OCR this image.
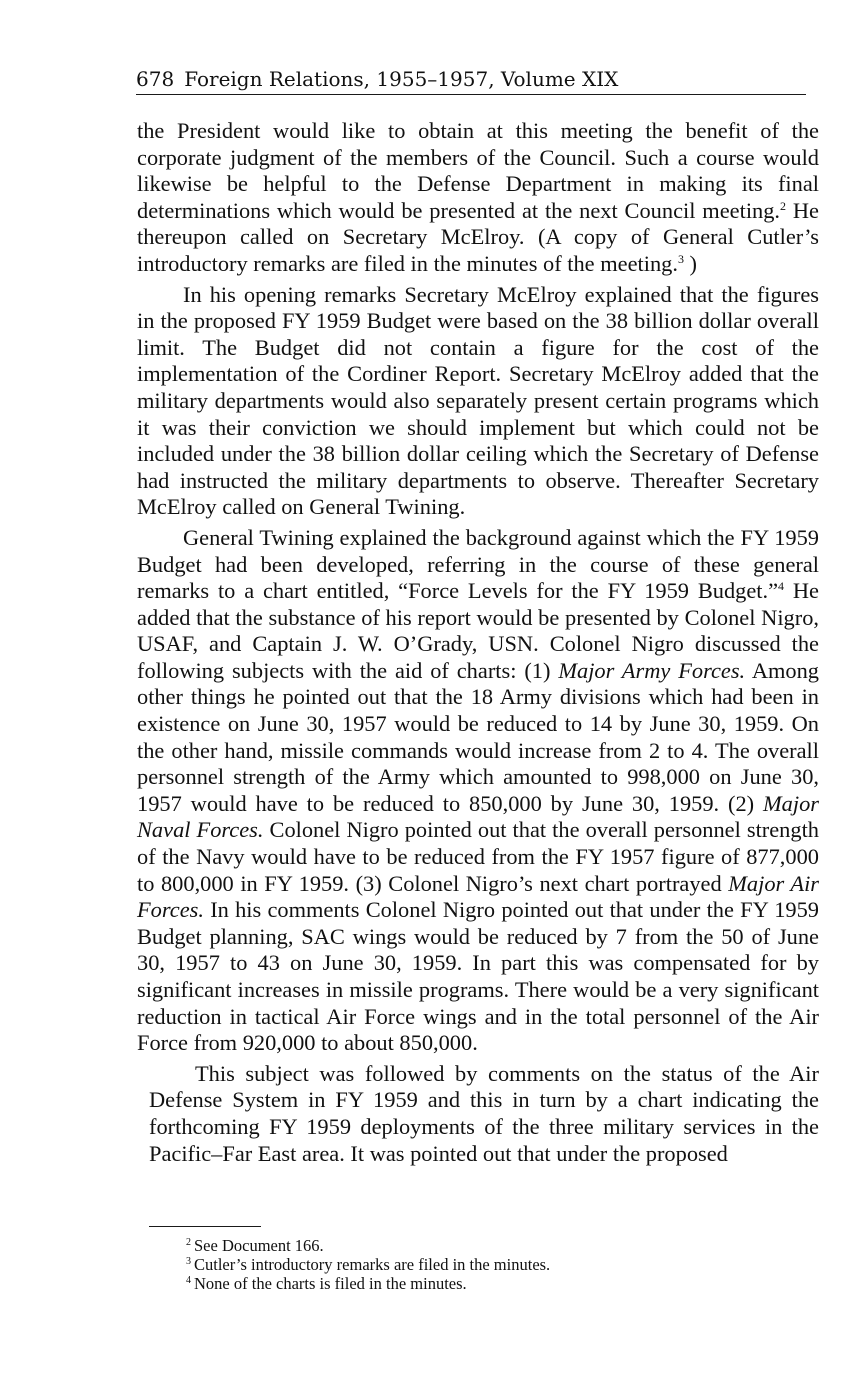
678 Foreign Relations, 1955–1957, Volume XIX

the President would like to obtain at this meeting the benefit of the corporate judgment of the members of the Council. Such a course would likewise be helpful to the Defense Department in making its final determinations which would be presented at the next Council meeting.$^2$ He thereupon called on Secretary McElroy. (A copy of General Cutler’s introductory remarks are filed in the minutes of the meeting.$^3$ )

In his opening remarks Secretary McElroy explained that the figures in the proposed FY 1959 Budget were based on the 38 billion dollar overall limit. The Budget did not contain a figure for the cost of the implementation of the Cordiner Report. Secretary McElroy added that the military departments would also separately present certain programs which it was their conviction we should implement but which could not be included under the 38 billion dollar ceiling which the Secretary of Defense had instructed the military departments to observe. Thereafter Secretary McElroy called on General Twining.

General Twining explained the background against which the FY 1959 Budget had been developed, referring in the course of these general remarks to a chart entitled, “Force Levels for the FY 1959 Budget.”$^4$ He added that the substance of his report would be presented by Colonel Nigro, USAF, and Captain J. W. O’Grady, USN. Colonel Nigro discussed the following subjects with the aid of charts: (1) Major Army Forces. Among other things he pointed out that the 18 Army divisions which had been in existence on June 30, 1957 would be reduced to 14 by June 30, 1959. On the other hand, missile commands would increase from 2 to 4. The overall personnel strength of the Army which amounted to 998,000 on June 30, 1957 would have to be reduced to 850,000 by June 30, 1959. (2) Major Naval Forces. Colonel Nigro pointed out that the overall personnel strength of the Navy would have to be reduced from the FY 1957 figure of 877,000 to 800,000 in FY 1959. (3) Colonel Nigro’s next chart portrayed Major Air Forces. In his comments Colonel Nigro pointed out that under the FY 1959 Budget planning, SAC wings would be reduced by 7 from the 50 of June 30, 1957 to 43 on June 30, 1959. In part this was compensated for by significant increases in missile programs. There would be a very significant reduction in tactical Air Force wings and in the total personnel of the Air Force from 920,000 to about 850,000.

This subject was followed by comments on the status of the Air Defense System in FY 1959 and this in turn by a chart indicating the forthcoming FY 1959 deployments of the three military services in the Pacific–Far East area. It was pointed out that under the proposed

$^2$ See Document 166.

$^3$ Cutler’s introductory remarks are filed in the minutes.

$^4$ None of the charts is filed in the minutes.
